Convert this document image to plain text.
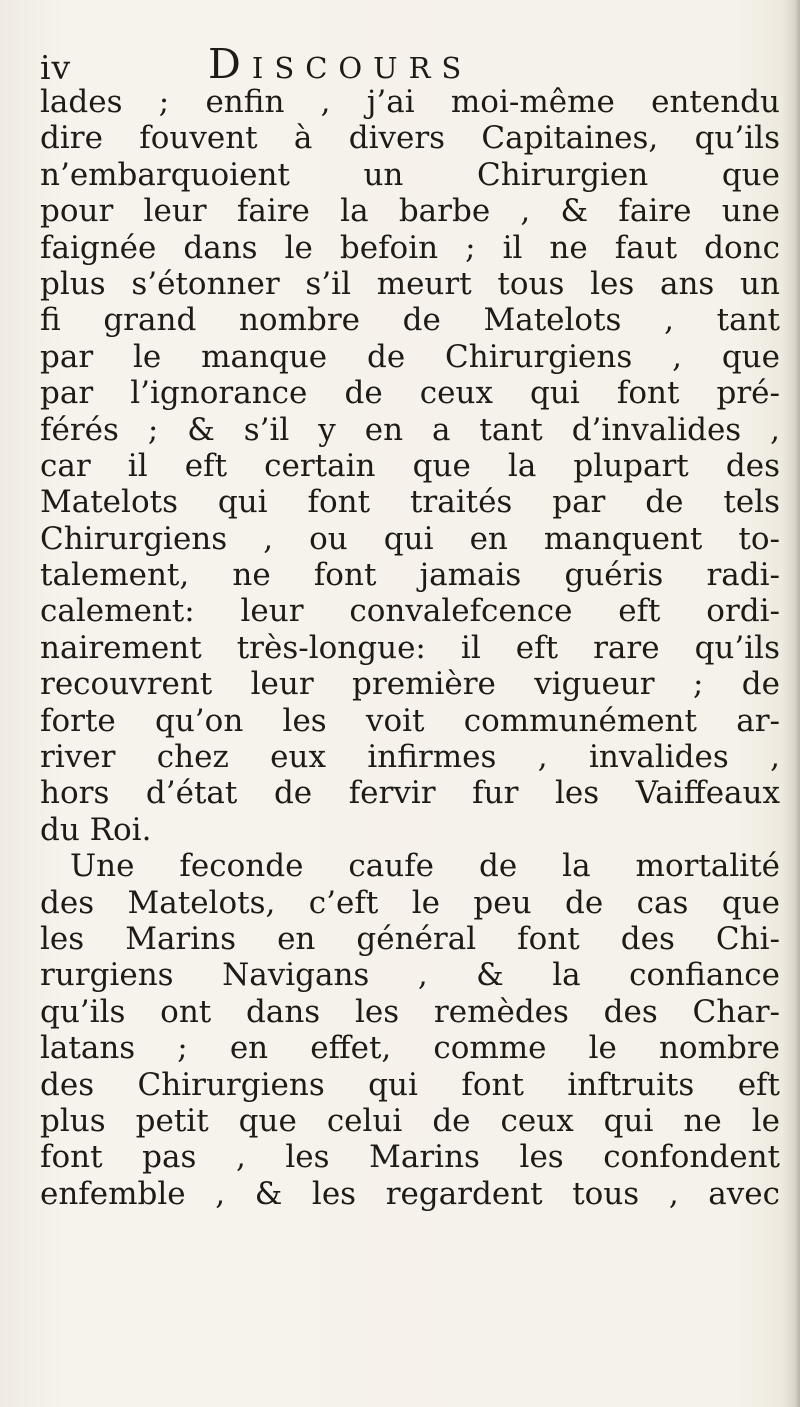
iv	Discours
lades ; enfin , j’ai moi-même entendu
dire fouvent à divers Capitaines, qu’ils
n’embarquoient un Chirurgien que
pour leur faire la barbe , & faire une
faignée dans le befoin ; il ne faut donc
plus s’étonner s’il meurt tous les ans un
fi grand nombre de Matelots , tant
par le manque de Chirurgiens , que
par l’ignorance de ceux qui font pré-
férés ; & s’il y en a tant d’invalides ,
car il eft certain que la plupart des
Matelots qui font traités par de tels
Chirurgiens , ou qui en manquent to-
talement, ne font jamais guéris radi-
calement: leur convalefcence eft ordi-
nairement très-longue: il eft rare qu’ils
recouvrent leur première vigueur ; de
forte qu’on les voit communément ar-
river chez eux infirmes , invalides ,
hors d’état de fervir fur les Vaiffeaux
du Roi.
Une feconde caufe de la mortalité
des Matelots, c’eft le peu de cas que
les Marins en général font des Chi-
rurgiens Navigans , & la confiance
qu’ils ont dans les remèdes des Char-
latans ; en effet, comme le nombre
des Chirurgiens qui font inftruits eft
plus petit que celui de ceux qui ne le
font pas , les Marins les confondent
enfemble , & les regardent tous , avec
